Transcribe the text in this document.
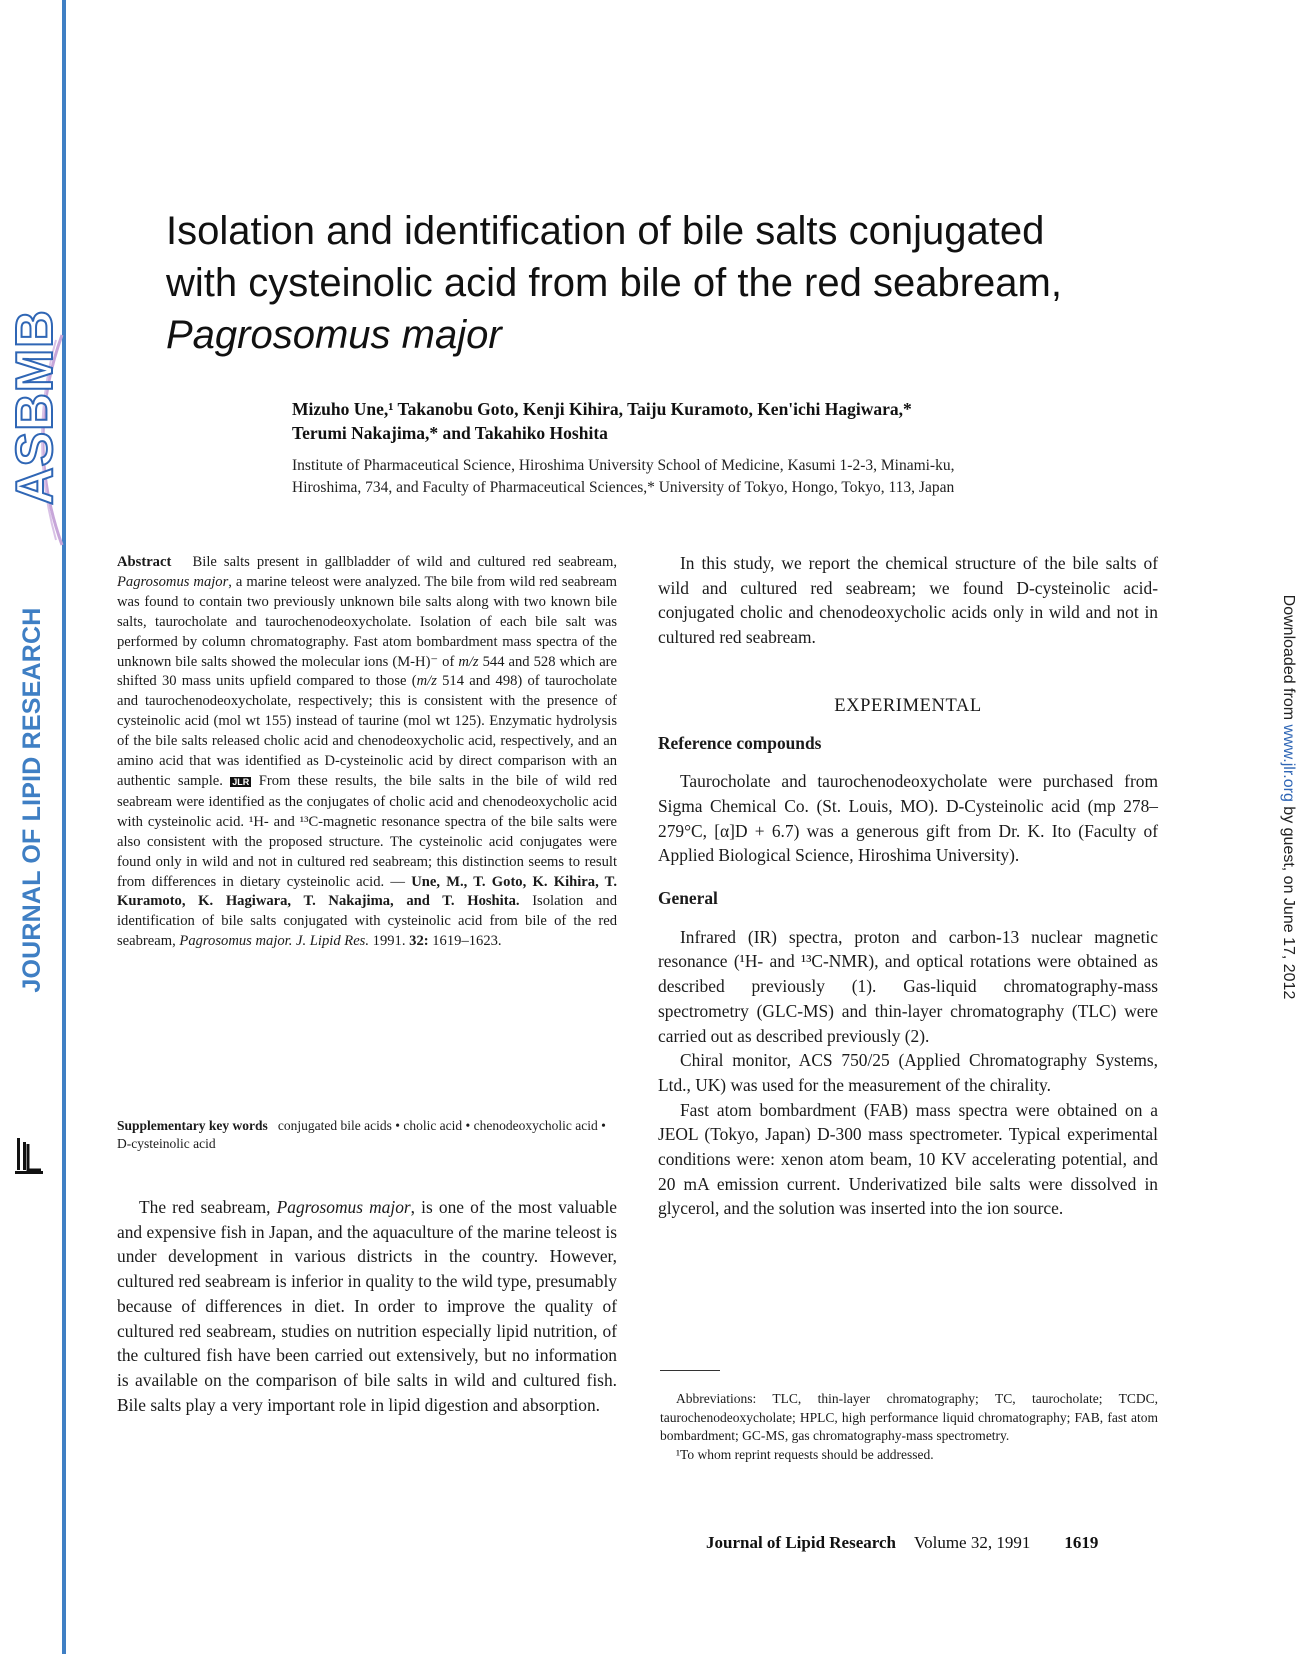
ASBMB
JOURNAL OF LIPID RESEARCH	Downloaded from www.jlr.org by guest, on June 17, 2012
Isolation and identification of bile salts conjugated
with cysteinolic acid from bile of the red seabream,
Pagrosomus major
Mizuho Une,¹ Takanobu Goto, Kenji Kihira, Taiju Kuramoto, Ken'ichi Hagiwara,*
Terumi Nakajima,* and Takahiko Hoshita
Institute of Pharmaceutical Science, Hiroshima University School of Medicine, Kasumi 1-2-3, Minami-ku,
Hiroshima, 734, and Faculty of Pharmaceutical Sciences,* University of Tokyo, Hongo, Tokyo, 113, Japan
Abstract Bile salts present in gallbladder of wild and cultured red seabream, Pagrosomus major, a marine teleost were analyzed. The bile from wild red seabream was found to contain two previously unknown bile salts along with two known bile salts, taurocholate and taurochenodeoxycholate. Isolation of each bile salt was performed by column chromatography. Fast atom bombardment mass spectra of the unknown bile salts showed the molecular ions (M-H)⁻ of m/z 544 and 528 which are shifted 30 mass units upfield compared to those (m/z 514 and 498) of taurocholate and taurochenodeoxycholate, respectively; this is consistent with the presence of cysteinolic acid (mol wt 155) instead of taurine (mol wt 125). Enzymatic hydrolysis of the bile salts released cholic acid and chenodeoxycholic acid, respectively, and an amino acid that was identified as D-cysteinolic acid by direct comparison with an authentic sample. JLR From these results, the bile salts in the bile of wild red seabream were identified as the conjugates of cholic acid and chenodeoxycholic acid with cysteinolic acid. ¹H- and ¹³C-magnetic resonance spectra of the bile salts were also consistent with the proposed structure. The cysteinolic acid conjugates were found only in wild and not in cultured red seabream; this distinction seems to result from differences in dietary cysteinolic acid. — Une, M., T. Goto, K. Kihira, T. Kuramoto, K. Hagiwara, T. Nakajima, and T. Hoshita. Isolation and identification of bile salts conjugated with cysteinolic acid from bile of the red seabream, Pagrosomus major. J. Lipid Res. 1991. 32: 1619–1623.
Supplementary key words conjugated bile acids • cholic acid • chenodeoxycholic acid • D-cysteinolic acid
The red seabream, Pagrosomus major, is one of the most valuable and expensive fish in Japan, and the aquaculture of the marine teleost is under development in various districts in the country. However, cultured red seabream is inferior in quality to the wild type, presumably because of differences in diet. In order to improve the quality of cultured red seabream, studies on nutrition especially lipid nutrition, of the cultured fish have been carried out extensively, but no information is available on the comparison of bile salts in wild and cultured fish. Bile salts play a very important role in lipid digestion and absorption.

In this study, we report the chemical structure of the bile salts of wild and cultured red seabream; we found D-cysteinolic acid-conjugated cholic and chenodeoxycholic acids only in wild and not in cultured red seabream.

EXPERIMENTAL
Reference compounds

Taurocholate and taurochenodeoxycholate were purchased from Sigma Chemical Co. (St. Louis, MO). D-Cysteinolic acid (mp 278–279°C, [α]D + 6.7) was a generous gift from Dr. K. Ito (Faculty of Applied Biological Science, Hiroshima University).

General

Infrared (IR) spectra, proton and carbon-13 nuclear magnetic resonance (¹H- and ¹³C-NMR), and optical rotations were obtained as described previously (1). Gas-liquid chromatography-mass spectrometry (GLC-MS) and thin-layer chromatography (TLC) were carried out as described previously (2).

Chiral monitor, ACS 750/25 (Applied Chromatography Systems, Ltd., UK) was used for the measurement of the chirality.

Fast atom bombardment (FAB) mass spectra were obtained on a JEOL (Tokyo, Japan) D-300 mass spectrometer. Typical experimental conditions were: xenon atom beam, 10 KV accelerating potential, and 20 mA emission current. Underivatized bile salts were dissolved in glycerol, and the solution was inserted into the ion source.

Abbreviations: TLC, thin-layer chromatography; TC, taurocholate; TCDC, taurochenodeoxycholate; HPLC, high performance liquid chromatography; FAB, fast atom bombardment; GC-MS, gas chromatography-mass spectrometry.
¹To whom reprint requests should be addressed.
Journal of Lipid Research Volume 32, 1991 1619
